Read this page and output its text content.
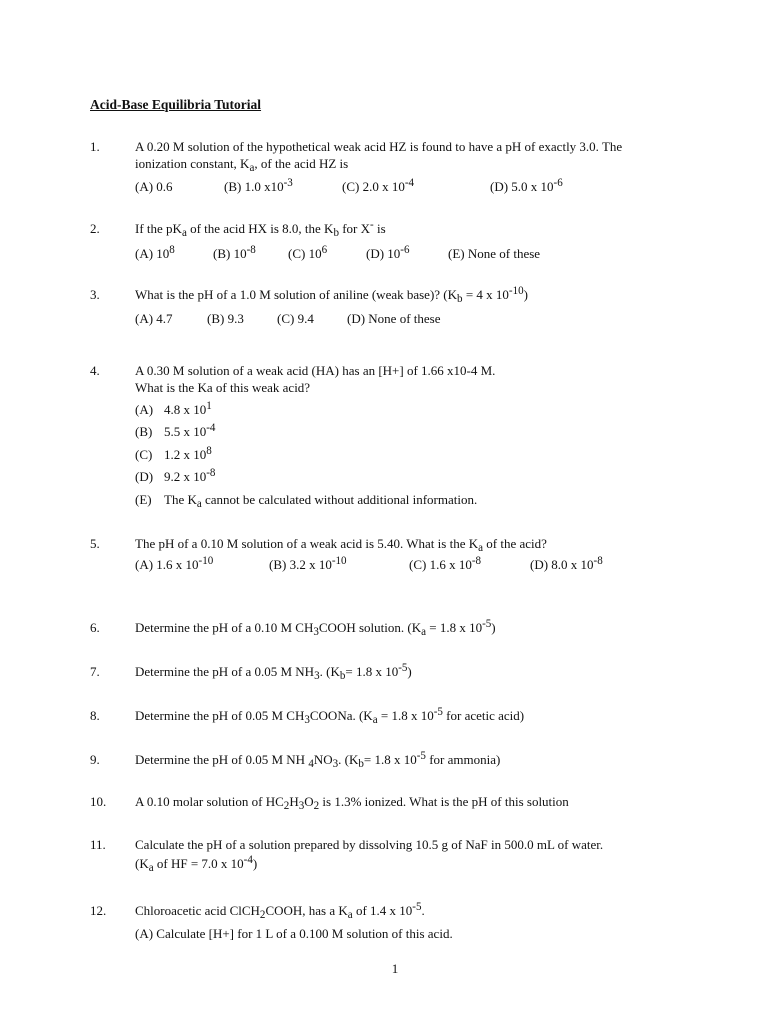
Acid-Base Equilibria Tutorial
1.	A 0.20 M solution of the hypothetical weak acid HZ is found to have a pH of exactly 3.0. The
ionization constant, $K_a$, of the acid HZ is
(A) 0.6	(B) 1.0 $x10^{-3}$	(C) 2.0 x $10^{-4}$	(D) 5.0 x $10^{-6}$
2.	If the $pK_a$ of the acid HX is 8.0, the $K_b$ for X- is
(A) $10^8$	(B) $10^{-8}$ (C) $10^6$	(D) $10^{-6}$	(E) None of these
3.	What is the pH of a 1.0 M solution of aniline (weak base)? ($K_b = 4$ x $10^{-10}$)
(A) 4.7	(B) 9.3	(C) 9.4	(D) None of these
4.	A 0.30 M solution of a weak acid (HA) has an [H+] of 1.66 x10-4 M.
What is the Ka of this weak acid?
(A) 4.8 x $10^1$
(B) 5.5 x $10^{-4}$
(C) 1.2 x $10^8$
(D) 9.2 x $10^{-8}$
(E) The $K_a$ cannot be calculated without additional information.
5.	The pH of a 0.10 M solution of a weak acid is 5.40. What is the $K_a$ of the acid?
(A) 1.6 x $10^{-10}$	(B) 3.2 x $10^{-10}$	(C) 1.6 x $10^{-8}$	(D) 8.0 x $10^{-8}$
6.	Determine the pH of a 0.10 M $CH_3COOH$ solution. ($K_a = 1.8$ x $10^{-5}$)
7.	Determine the pH of a 0.05 M $NH_3$. ($K_b= 1.8$ x $10^{-5}$)
8.	Determine the pH of 0.05 M $CH_3COONa$. ($K_a = 1.8$ x $10^{-5}$ for acetic acid)
9.	Determine the pH of 0.05 M NH $_4NO_3$. ($K_b= 1.8$ x $10^{-5}$ for ammonia)
10. A 0.10 molar solution of $HC_2H_3O_2$ is 1.3% ionized. What is the pH of this solution
11. Calculate the pH of a solution prepared by dissolving 10.5 g of NaF in 500.0 mL of water.
($K_a$ of HF = 7.0 x $10^{-4}$)
12. Chloroacetic acid ClCH$_2$COOH, has a $K_a$ of 1.4 x $10^{-5}$.
(A) Calculate [H+] for 1 L of a 0.100 M solution of this acid.
1
